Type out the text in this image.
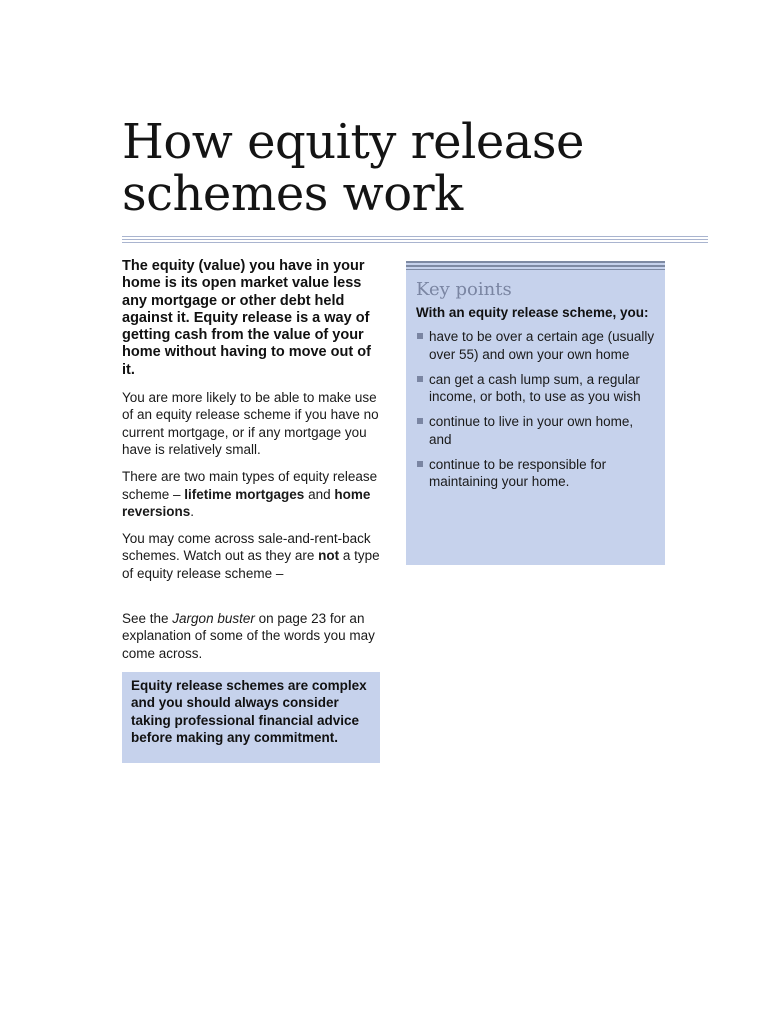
How equity release
schemes work

The equity (value) you have in your home is its open market value less any mortgage or other debt held against it. Equity release is a way of getting cash from the value of your home without having to move out of it.

You are more likely to be able to make use of an equity release scheme if you have no current mortgage, or if any mortgage you have is relatively small.

There are two main types of equity release scheme – lifetime mortgages and home reversions.

You may come across sale-and-rent-back schemes. Watch out as they are not a type of equity release scheme –

See the Jargon buster on page 23 for an explanation of some of the words you may come across.

Equity release schemes are complex and you should always consider taking professional financial advice before making any commitment.

Key points

With an equity release scheme, you:

have to be over a certain age (usually over 55) and own your own home
can get a cash lump sum, a regular income, or both, to use as you wish
continue to live in your own home, and
continue to be responsible for maintaining your home.
